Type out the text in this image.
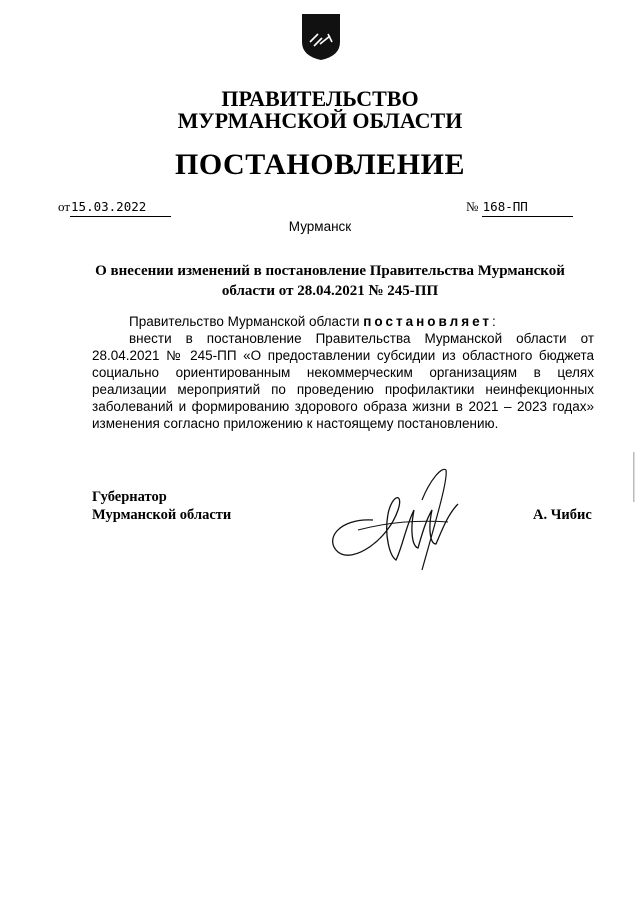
ПРАВИТЕЛЬСТВО
МУРМАНСКОЙ ОБЛАСТИ
ПОСТАНОВЛЕНИЕ
от15.03.2022	№ 168-ПП
Мурманск
О внесении изменений в постановление Правительства Мурманской области от 28.04.2021 № 245-ПП

Правительство Мурманской области постановляет:

внести в постановление Правительства Мурманской области от 28.04.2021 № 245-ПП «О предоставлении субсидии из областного бюджета социально ориентированным некоммерческим организациям в целях реализации мероприятий по проведению профилактики неинфекционных заболеваний и формированию здорового образа жизни в 2021 – 2023 годах» изменения согласно приложению к настоящему постановлению.

Губернатор
Мурманской области	А. Чибис
